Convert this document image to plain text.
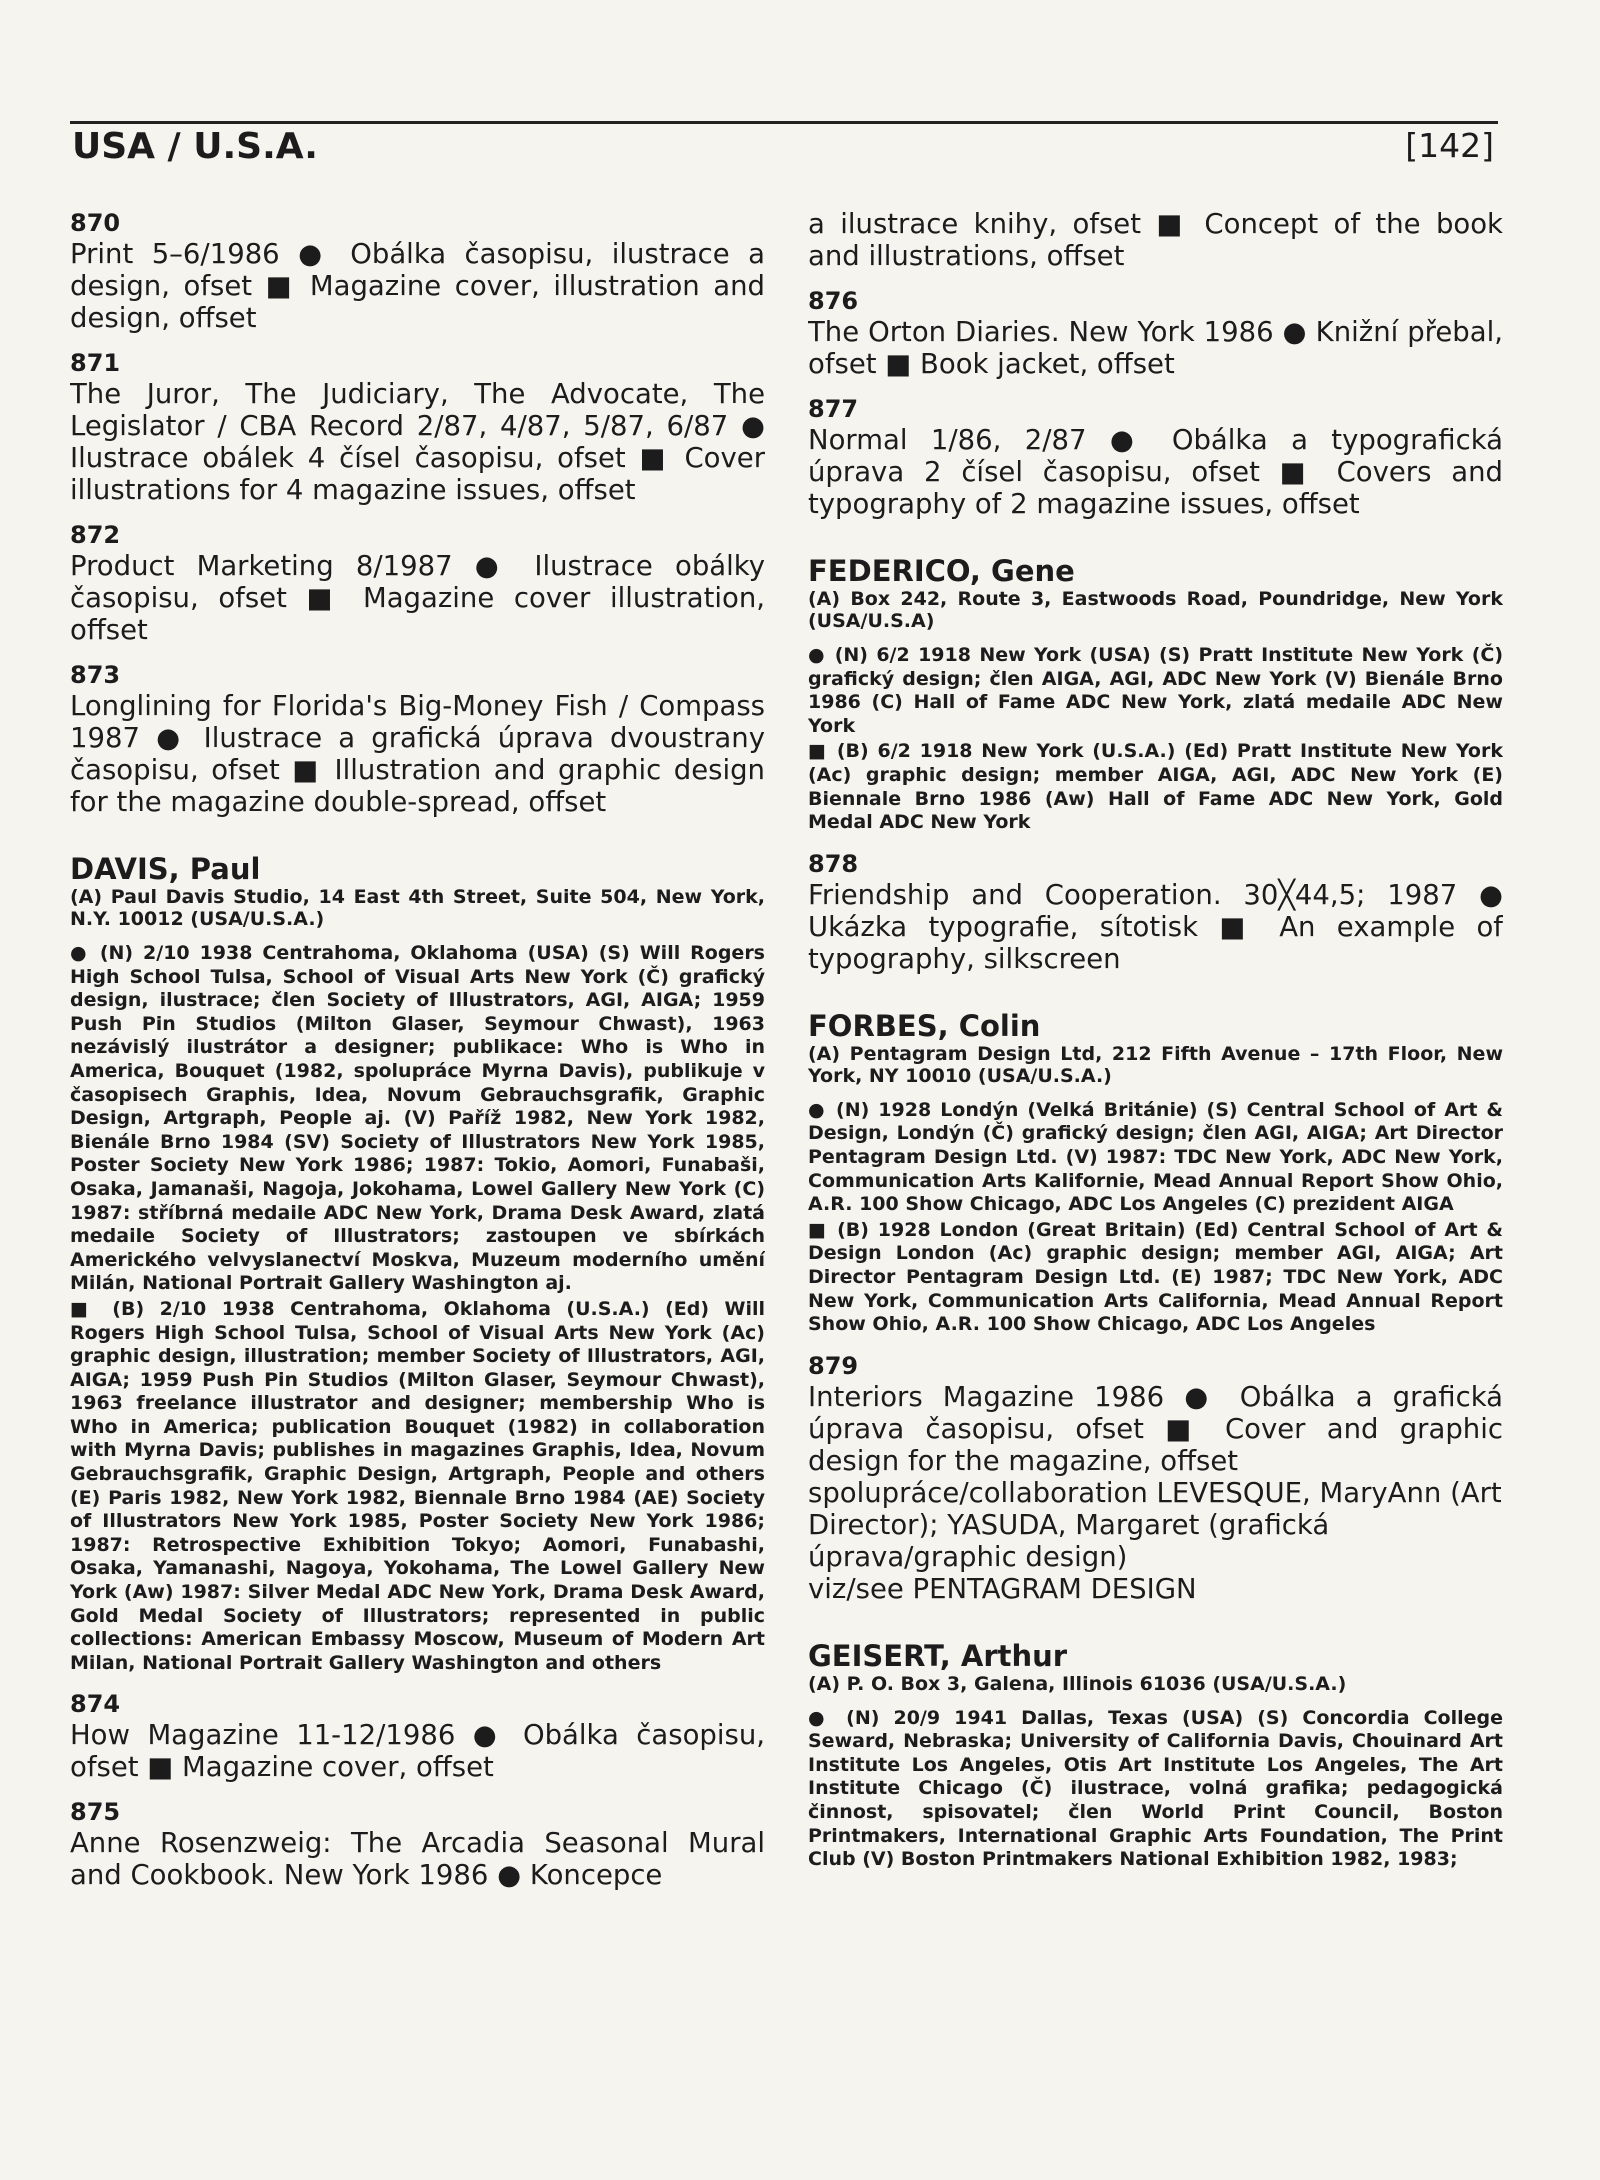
USA / U.S.A.	[142]
870
Print 5–6/1986 ● Obálka časopisu, ilustrace a design, ofset ■ Magazine cover, illustration and design, offset
871
The Juror, The Judiciary, The Advocate, The Legislator / CBA Record 2/87, 4/87, 5/87, 6/87 ● Ilustrace obálek 4 čísel časopisu, ofset ■ Cover illustrations for 4 magazine issues, offset
872
Product Marketing 8/1987 ● Ilustrace obálky časopisu, ofset ■ Magazine cover illustration, offset
873
Longlining for Florida's Big-Money Fish / Compass 1987 ● Ilustrace a grafická úprava dvoustrany časopisu, ofset ■ Illustration and graphic design for the magazine double-spread, offset
DAVIS, Paul
(A) Paul Davis Studio, 14 East 4th Street, Suite 504, New York, N.Y. 10012 (USA/U.S.A.)
● (N) 2/10 1938 Centrahoma, Oklahoma (USA) (S) Will Rogers High School Tulsa, School of Visual Arts New York (Č) grafický design, ilustrace; člen Society of Illustrators, AGI, AIGA; 1959 Push Pin Studios (Milton Glaser, Seymour Chwast), 1963 nezávislý ilustrátor a designer; publikace: Who is Who in America, Bouquet (1982, spolupráce Myrna Davis), publikuje v časopisech Graphis, Idea, Novum Gebrauchsgrafik, Graphic Design, Artgraph, People aj. (V) Paříž 1982, New York 1982, Bienále Brno 1984 (SV) Society of Illustrators New York 1985, Poster Society New York 1986; 1987: Tokio, Aomori, Funabaši, Osaka, Jamanaši, Nagoja, Jokohama, Lowel Gallery New York (C) 1987: stříbrná medaile ADC New York, Drama Desk Award, zlatá medaile Society of Illustrators; zastoupen ve sbírkách Amerického velvyslanectví Moskva, Muzeum moderního umění Milán, National Portrait Gallery Washington aj.
■ (B) 2/10 1938 Centrahoma, Oklahoma (U.S.A.) (Ed) Will Rogers High School Tulsa, School of Visual Arts New York (Ac) graphic design, illustration; member Society of Illustrators, AGI, AIGA; 1959 Push Pin Studios (Milton Glaser, Seymour Chwast), 1963 freelance illustrator and designer; membership Who is Who in America; publication Bouquet (1982) in collaboration with Myrna Davis; publishes in magazines Graphis, Idea, Novum Gebrauchsgrafik, Graphic Design, Artgraph, People and others (E) Paris 1982, New York 1982, Biennale Brno 1984 (AE) Society of Illustrators New York 1985, Poster Society New York 1986; 1987: Retrospective Exhibition Tokyo; Aomori, Funabashi, Osaka, Yamanashi, Nagoya, Yokohama, The Lowel Gallery New York (Aw) 1987: Silver Medal ADC New York, Drama Desk Award, Gold Medal Society of Illustrators; represented in public collections: American Embassy Moscow, Museum of Modern Art Milan, National Portrait Gallery Washington and others
874
How Magazine 11-12/1986 ● Obálka časopisu, ofset ■ Magazine cover, offset
875
Anne Rosenzweig: The Arcadia Seasonal Mural and Cookbook. New York 1986 ● Koncepce
a ilustrace knihy, ofset ■ Concept of the book and illustrations, offset
876
The Orton Diaries. New York 1986 ● Knižní přebal, ofset ■ Book jacket, offset
877
Normal 1/86, 2/87 ● Obálka a typografická úprava 2 čísel časopisu, ofset ■ Covers and typography of 2 magazine issues, offset
FEDERICO, Gene
(A) Box 242, Route 3, Eastwoods Road, Poundridge, New York (USA/U.S.A)
● (N) 6/2 1918 New York (USA) (S) Pratt Institute New York (Č) grafický design; člen AIGA, AGI, ADC New York (V) Bienále Brno 1986 (C) Hall of Fame ADC New York, zlatá medaile ADC New York
■ (B) 6/2 1918 New York (U.S.A.) (Ed) Pratt Institute New York (Ac) graphic design; member AIGA, AGI, ADC New York (E) Biennale Brno 1986 (Aw) Hall of Fame ADC New York, Gold Medal ADC New York
878
Friendship and Cooperation. 30╳44,5; 1987 ● Ukázka typografie, sítotisk ■ An example of typography, silkscreen
FORBES, Colin
(A) Pentagram Design Ltd, 212 Fifth Avenue – 17th Floor, New York, NY 10010 (USA/U.S.A.)
● (N) 1928 Londýn (Velká Británie) (S) Central School of Art & Design, Londýn (Č) grafický design; člen AGI, AIGA; Art Director Pentagram Design Ltd. (V) 1987: TDC New York, ADC New York, Communication Arts Kalifornie, Mead Annual Report Show Ohio, A.R. 100 Show Chicago, ADC Los Angeles (C) prezident AIGA
■ (B) 1928 London (Great Britain) (Ed) Central School of Art & Design London (Ac) graphic design; member AGI, AIGA; Art Director Pentagram Design Ltd. (E) 1987; TDC New York, ADC New York, Communication Arts California, Mead Annual Report Show Ohio, A.R. 100 Show Chicago, ADC Los Angeles
879
Interiors Magazine 1986 ● Obálka a grafická úprava časopisu, ofset ■ Cover and graphic design for the magazine, offset
spolupráce/collaboration LEVESQUE, MaryAnn (Art Director); YASUDA, Margaret (grafická úprava/graphic design)
viz/see PENTAGRAM DESIGN
GEISERT, Arthur
(A) P. O. Box 3, Galena, Illinois 61036 (USA/U.S.A.)
● (N) 20/9 1941 Dallas, Texas (USA) (S) Concordia College Seward, Nebraska; University of California Davis, Chouinard Art Institute Los Angeles, Otis Art Institute Los Angeles, The Art Institute Chicago (Č) ilustrace, volná grafika; pedagogická činnost, spisovatel; člen World Print Council, Boston Printmakers, International Graphic Arts Foundation, The Print Club (V) Boston Printmakers National Exhibition 1982, 1983;
